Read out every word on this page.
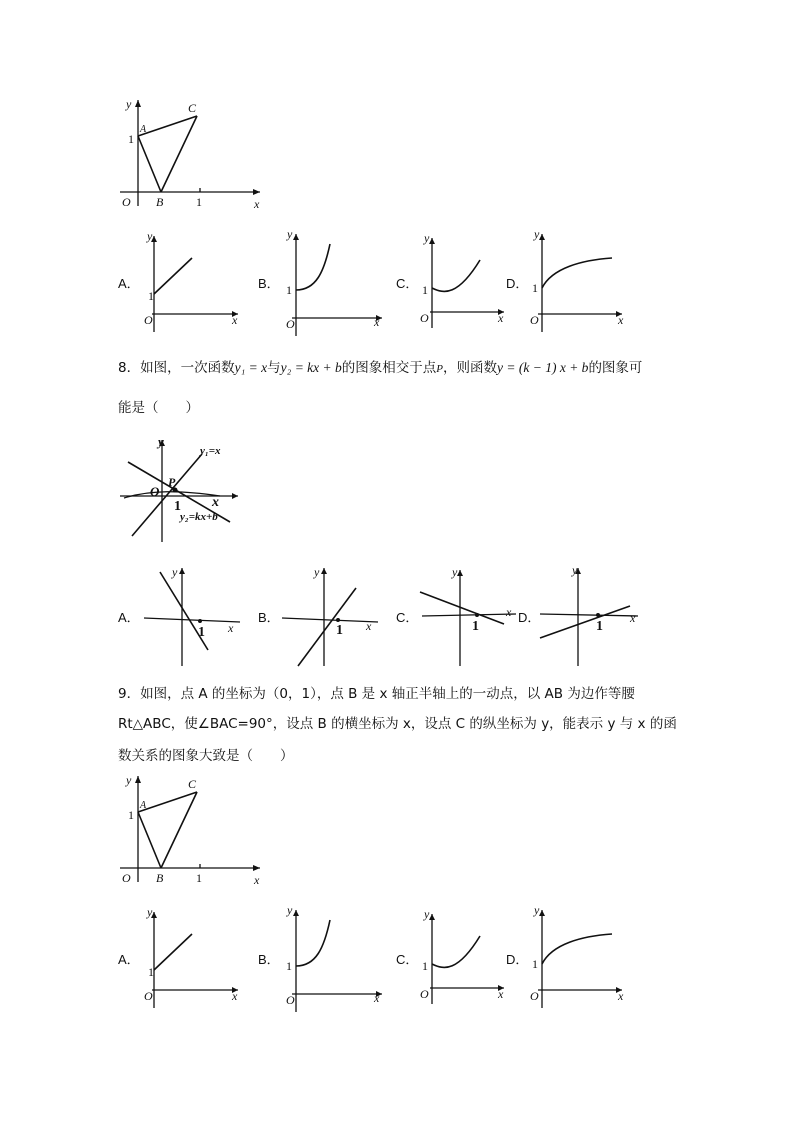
y
x
O
1
1
A
B
C
A．
1
O	x
y
B． 1
O	x
y
C． 1
O	x
y
D． 1
O	x
y
8．如图，一次函数y₁ = x与y₂ = kx + b的图象相交于点P，则函数y = (k − 1) x + b的图象可
能是（　　）
y
x
O
P
1
y₁=x
y₂=kx+b
A．
1 x
y
B．
1 x
y
C．
1
x
y
D．
1
x
y
9．如图，点 A 的坐标为（0，1），点 B 是 x 轴正半轴上的一动点，以 AB 为边作等腰
Rt△ABC，使∠BAC=90°，设点 B 的横坐标为 x，设点 C 的纵坐标为 y，能表示 y 与 x 的函
数关系的图象大致是（　　）
y
x
O
1
1
A
B
C
A．
1
O	x
y
B． 1
O	x
y
C． 1
O	x
y
D． 1
O	x
y
